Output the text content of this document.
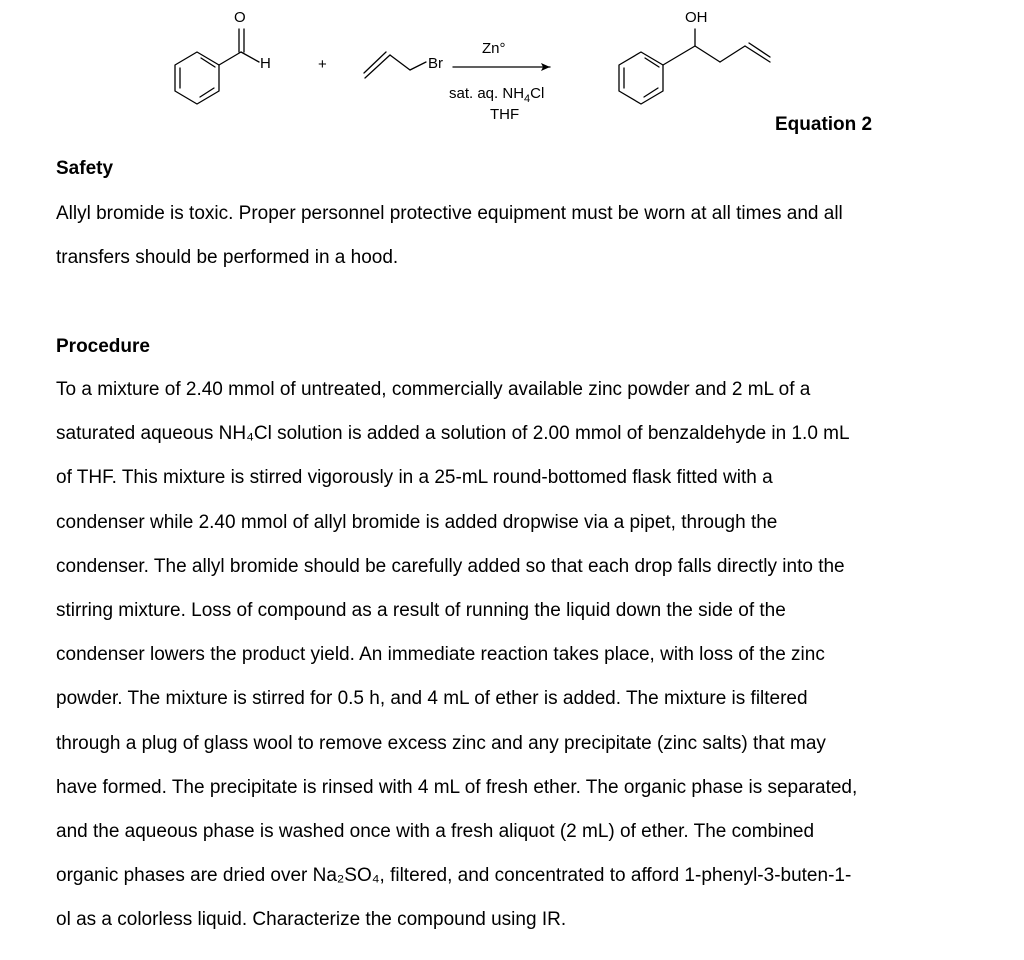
O
H	+	Br
Zn°
sat. aq. $NH_4Cl$
THF
OH
Equation 2
Safety

Allyl bromide is toxic. Proper personnel protective equipment must be worn at all times and all
transfers should be performed in a hood.

Procedure

To a mixture of 2.40 mmol of untreated, commercially available zinc powder and 2 mL of a
saturated aqueous NH₄Cl solution is added a solution of 2.00 mmol of benzaldehyde in 1.0 mL
of THF. This mixture is stirred vigorously in a 25-mL round-bottomed flask fitted with a
condenser while 2.40 mmol of allyl bromide is added dropwise via a pipet, through the
condenser. The allyl bromide should be carefully added so that each drop falls directly into the
stirring mixture. Loss of compound as a result of running the liquid down the side of the
condenser lowers the product yield. An immediate reaction takes place, with loss of the zinc
powder. The mixture is stirred for 0.5 h, and 4 mL of ether is added. The mixture is filtered
through a plug of glass wool to remove excess zinc and any precipitate (zinc salts) that may
have formed. The precipitate is rinsed with 4 mL of fresh ether. The organic phase is separated,
and the aqueous phase is washed once with a fresh aliquot (2 mL) of ether. The combined
organic phases are dried over Na₂SO₄, filtered, and concentrated to afford 1-phenyl-3-buten-1-
ol as a colorless liquid. Characterize the compound using IR.
